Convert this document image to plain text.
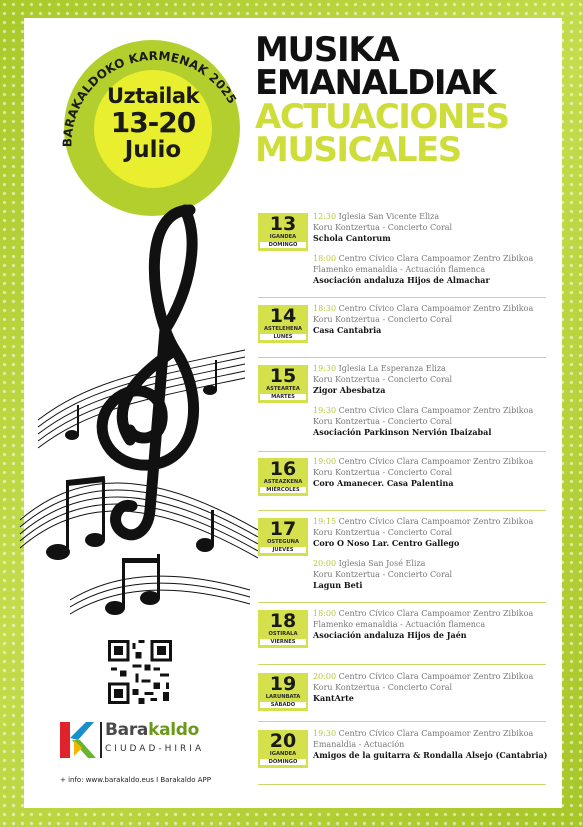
BARAKALDOKO KARMENAK 2025
Uztailak
13-20
Julio
MUSIKA
EMANALDIAK
ACTUACIONES
MUSICALES
Barakaldo
CIUDAD-HIRIA
+ info: www.barakaldo.eus I Barakaldo APP
13
IGANDEA
DOMINGO
12:30 Iglesia San Vicente Eliza
Koru Kontzertua - Concierto Coral
Schola Cantorum
18:00 Centro Cívico Clara Campoamor Zentro Zibikoa
Flamenko emanaldia - Actuación flamenca
Asociación andaluza Hijos de Almachar
14
ASTELEHENA
LUNES
18:30 Centro Cívico Clara Campoamor Zentro Zibikoa
Koru Kontzertua - Concierto Coral
Casa Cantabria
15
ASTEARTEA
MARTES
19:30 Iglesia La Esperanza Eliza
Koru Kontzertua - Concierto Coral
Zigor Abesbatza
19:30 Centro Cívico Clara Campoamor Zentro Zibikoa
Koru Kontzertua - Concierto Coral
Asociación Parkinson Nervión Ibaizabal
16
ASTEAZKENA
MIÉRCOLES
19:00 Centro Cívico Clara Campoamor Zentro Zibikoa
Koru Kontzertua - Concierto Coral
Coro Amanecer. Casa Palentina
17
OSTEGUNA
JUEVES
19:15 Centro Cívico Clara Campoamor Zentro Zibikoa
Koru Kontzertua - Concierto Coral
Coro O Noso Lar. Centro Gallego
20:00 Iglesia San José Eliza
Koru Kontzertua - Concierto Coral
Lagun Beti
18
OSTIRALA
VIERNES
18:00 Centro Cívico Clara Campoamor Zentro Zibikoa
Flamenko emanaldia - Actuación flamenca
Asociación andaluza Hijos de Jaén
19
LARUNBATA
SÁBADO
20:00 Centro Cívico Clara Campoamor Zentro Zibikoa
Koru Kontzertua - Concierto Coral
KantArte
20
IGANDEA
DOMINGO
19:30 Centro Cívico Clara Campoamor Zentro Zibikoa
Emanaldia - Actuación
Amigos de la guitarra & Rondalla Alsejo (Cantabria)
